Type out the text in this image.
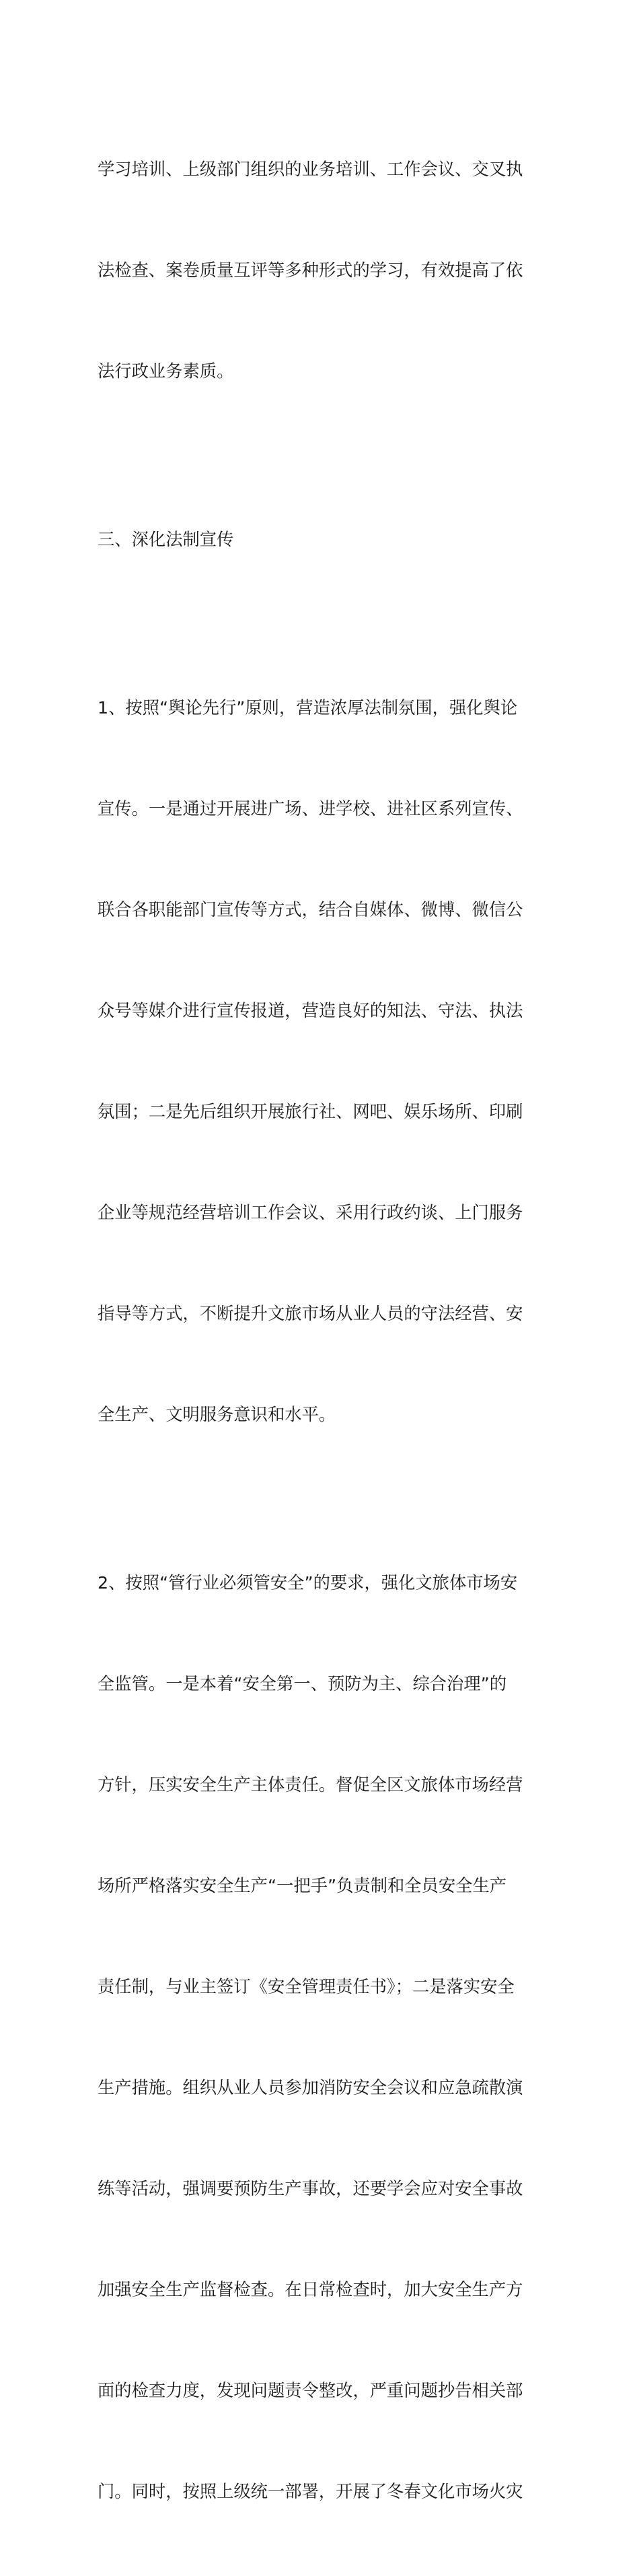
学习培训、上级部门组织的业务培训、工作会议、交叉执

法检查、案卷质量互评等多种形式的学习，有效提高了依

法行政业务素质。

三、深化法制宣传

1、按照“舆论先行”原则，营造浓厚法制氛围，强化舆论

宣传。一是通过开展进广场、进学校、进社区系列宣传、

联合各职能部门宣传等方式，结合自媒体、微博、微信公

众号等媒介进行宣传报道，营造良好的知法、守法、执法

氛围；二是先后组织开展旅行社、网吧、娱乐场所、印刷

企业等规范经营培训工作会议、采用行政约谈、上门服务

指导等方式，不断提升文旅市场从业人员的守法经营、安

全生产、文明服务意识和水平。

2、按照“管行业必须管安全”的要求，强化文旅体市场安

全监管。一是本着“安全第一、预防为主、综合治理”的

方针，压实安全生产主体责任。督促全区文旅体市场经营

场所严格落实安全生产“一把手”负责制和全员安全生产

责任制，与业主签订《安全管理责任书》；二是落实安全

生产措施。组织从业人员参加消防安全会议和应急疏散演

练等活动，强调要预防生产事故，还要学会应对安全事故

加强安全生产监督检查。在日常检查时，加大安全生产方

面的检查力度，发现问题责令整改，严重问题抄告相关部

门。同时，按照上级统一部署，开展了冬春文化市场火灾
